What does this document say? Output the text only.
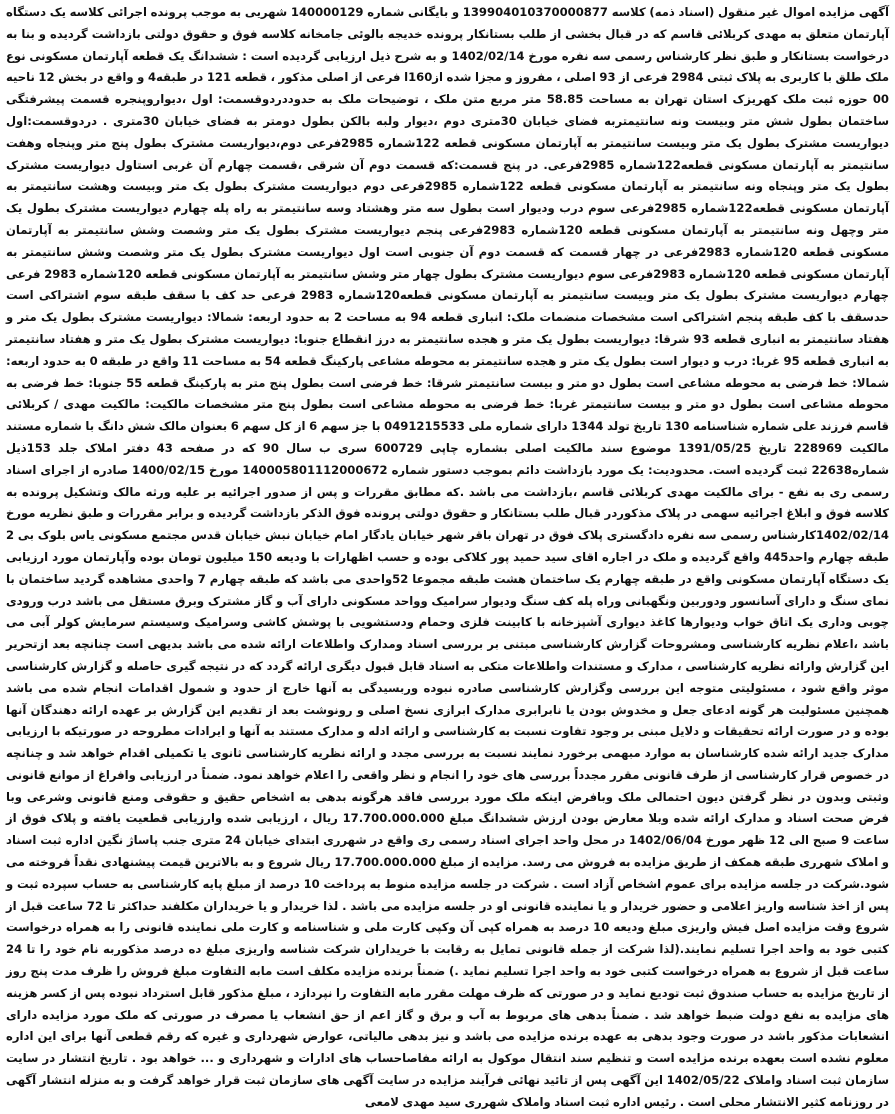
آگهی مزایده اموال غیر منقول (اسناد ذمه) کلاسه 139904010370000877 و بایگانی شماره 140000129 شهریی به موجب پرونده اجرائی کلاسه یک دستگاه آپارتمان متعلق به مهدی کربلائی قاسم که در قبال بخشی از طلب بستانکار پرونده خدیجه بالوئی جامخانه کلاسه فوق و حقوق دولتی بازداشت گردیده و بنا به درخواست بستانکار و طبق نظر کارشناس رسمی سه نفره مورخ 1402/02/14 و به شرح ذیل ارزیابی گردیده است : ششدانگ یک قطعه آپارتمان مسکونی نوع ملک طلق با کاربری به پلاک ثبتی 2984 فرعی از 93 اصلی ، مفروز و مجزا شده ازl160 فرعی از اصلی مذکور ، قطعه 121 در طبقه4 و واقع در بخش 12 ناحیه 00 حوزه ثبت ملک کهریزک استان تهران به مساحت 58.85 متر مربع متن ملک ، توضیحات ملک به حدوددردوقسمت: اول ،دیواروپنجره قسمت پیشرفتگی ساختمان بطول شش متر وبیست ونه سانتیمتربه فضای خیابان 30متری دوم ،دیوار ولبه بالکن بطول دومتر به فضای خیابان 30متری . دردوقسمت:اول دیواریست مشترک بطول یک متر وبیست سانتیمتر به آپارتمان مسکونی قطعه 122شماره 2985فرعی دوم،دیواریست مشترک بطول پنج متر وپنجاه وهفت سانتیمتر به آپارتمان مسکونی قطعه122شماره 2985فرعی. در پنج قسمت:که قسمت دوم آن شرقی ،قسمت چهارم آن غربی استاول دیواریست مشترک بطول یک متر وپنجاه ونه سانتیمتر به آپارتمان مسکونی قطعه 122شماره 2985فرعی دوم دیواریست مشترک بطول یک متر وبیست وهشت سانتیمتر به آپارتمان مسکونی قطعه122شماره 2985فرعی سوم درب ودیوار است بطول سه متر وهشتاد وسه سانتیمتر به راه پله چهارم دیواریست مشترک بطول یک متر وچهل ونه سانتیمتر به آپارتمان مسکونی قطعه 120شماره 2983فرعی پنجم دیواریست مشترک بطول یک متر وشصت وشش سانتیمتر به آپارتمان مسکونی قطعه 120شماره 2983فرعی در چهار قسمت که قسمت دوم آن جنوبی است اول دیواریست مشترک بطول یک متر وشصت وشش سانتیمتر به آپارتمان مسکونی قطعه 120شماره 2983فرعی سوم دیواریست مشترک بطول چهار متر وشش سانتیمتر به آپارتمان مسکونی قطعه 120شماره 2983 فرعی چهارم دیواریست مشترک بطول یک متر وبیست سانتیمتر به آپارتمان مسکونی قطعه120شماره 2983 فرعی حد کف با سقف طبقه سوم اشتراکی است حدسقف با کف طبقه پنجم اشتراکی است مشخصات منضمات ملک: انباری قطعه 94 به مساحت 2 به حدود اربعه: شمالا: دیواریست مشترک بطول یک متر و هفتاد سانتیمتر به انباری قطعه 93 شرقا: دیواریست بطول یک متر و هجده سانتیمتر به درز انقطاع جنوبا: دیواریست مشترک بطول یک متر و هفتاد سانتیمتر به انباری قطعه 95 غربا: درب و دیوار است بطول یک متر و هجده سانتیمتر به محوطه مشاعی پارکینگ قطعه 54 به مساحت 11 واقع در طبقه 0 به حدود اربعه: شمالا: خط فرضی به محوطه مشاعی است بطول دو متر و بیست سانتیمتر شرقا: خط فرضی است بطول پنج متر به پارکینگ قطعه 55 جنوبا: خط فرضی به محوطه مشاعی است بطول دو متر و بیست سانتیمتر غربا: خط فرضی به محوطه مشاعی است بطول پنج متر مشخصات مالکیت: مالکیت مهدی / کربلائی قاسم فرزند علی شماره شناسنامه 130 تاریخ تولد 1344 دارای شماره ملی 0491215533 با جز سهم 6 از کل سهم 6 بعنوان مالک شش دانگ با شماره مستند مالکیت 228969 تاریخ 1391/05/25 موضوع سند مالکیت اصلی بشماره چاپی 600729 سری ب سال 90 که در صفحه 43 دفتر املاک جلد 153ذیل شماره22638 ثبت گردیده است. محدودیت: یک مورد بازداشت دائم بموجب دستور شماره 140005801112000672 مورخ 1400/02/15 صادره از اجرای اسناد رسمی ری به نفع - برای مالکیت مهدی کربلائی قاسم ،بازداشت می باشد .که مطابق مقررات و پس از صدور اجرائیه بر علیه ورثه مالک وتشکیل پرونده به کلاسه فوق و ابلاغ اجرائیه سهمی در پلاک مذکوردر قبال طلب بستانکار و حقوق دولتی پرونده فوق الذکر بازداشت گردیده و برابر مقررات و طبق نظریه مورخ 1402/02/14کارشناس رسمی سه نفره دادگستری پلاک فوق در تهران باقر شهر خیابان یادگار امام خیابان نبش خیابان قدس مجتمع مسکونی یاس بلوک بی 2 طبقه چهارم واحد445 واقع گردیده و ملک در اجاره اقای سید حمید پور کلاکی بوده و حسب اظهارات با ودیعه 150 میلیون تومان بوده وآپارتمان مورد ارزیابی یک دستگاه آپارتمان مسکونی واقع در طبقه چهارم یک ساختمان هشت طبقه مجموعا 52واحدی می باشد که طبقه چهارم 7 واحدی مشاهده گردید ساختمان با نمای سنگ و دارای آسانسور ودوربین ونگهبانی وراه پله کف سنگ ودیوار سرامیک وواحد مسکونی دارای آب و گاز مشترک وبرق مستقل می باشد درب ورودی چوبی وداری یک اتاق خواب ودیوارها کاغذ دیواری آشپزخانه با کابینت فلزی وحمام ودستشویی با پوشش کاشی وسرامیک وسیستم سرمایش کولر آبی می باشد ،اعلام نظریه کارشناسی ومشروحات گزارش کارشناسی مبتنی بر بررسی اسناد ومدارک واطلاعات ارائه شده می باشد بدیهی است چنانچه بعد ازتحریر این گزارش وارائه نظریه کارشناسی ، مدارک و مستندات واطلاعات متکی به اسناد قابل قبول دیگری ارائه گردد که در نتیجه گیری حاصله و گزارش کارشناسی موثر واقع شود ، مسئولیتی متوجه این بررسی وگزارش کارشناسی صادره نبوده وربسیدگی به آنها خارج از حدود و شمول اقدامات انجام شده می باشد همچنین مسئولیت هر گونه ادعای جعل و مخدوش بودن یا نابرابری مدارک ابرازی نسخ اصلی و رونوشت بعد از تقدیم این گزارش بر عهده ارائه دهندگان آنها بوده و در صورت ارائه تحقیقات و دلایل مبنی بر وجود تفاوت نسبت به کارشناسی و ارائه ادله و مدارک مستند به آنها و ایرادات مطروحه در صورتیکه با ارزیابی مدارک جدید ارائه شده کارشناسان به موارد مبهمی برخورد نمایند نسبت به بررسی مجدد و ارائه نظریه کارشناسی ثانوی یا تکمیلی اقدام خواهد شد و چنانچه در خصوص قرار کارشناسی از طرف قانونی مقرر مجدداً بررسی های خود را انجام و نظر واقعی را اعلام خواهد نمود. ضمناً در ارزیابی وافراغ از موانع قانونی وثبتی وبدون در نظر گرفتن دیون احتمالی ملک وبافرض اینکه ملک مورد بررسی فاقد هرگونه بدهی به اشخاص حقیق و حقوقی ومنع قانونی وشرعی وبا فرض صحت اسناد و مدارک ارائه شده وبلا معارض بودن ارزش ششدانگ مبلغ 17.700.000.000 ریال ، ارزیابی شده وارزیابی قطعیت یافته و پلاک فوق از ساعت 9 صبح الی 12 ظهر مورخ 1402/06/04 در محل واحد اجرای اسناد رسمی ری واقع در شهرری ابتدای خیابان 24 متری جنب پاساژ نگین اداره ثبت اسناد و املاک شهرری طبقه همکف از طریق مزایده به فروش می رسد. مزایده از مبلغ 17.700.000.000 ریال شروع و به بالاترین قیمت پیشنهادی نقداً فروخته می شود.شرکت در جلسه مزایده برای عموم اشخاص آزاد است . شرکت در جلسه مزایده منوط به پرداخت 10 درصد از مبلغ پایه کارشناسی به حساب سپرده ثبت و پس از اخذ شناسه واریز اعلامی و حضور خریدار و یا نماینده قانونی او در جلسه مزایده می باشد . لذا خریدار و یا خریداران مکلفند حداکثر تا 72 ساعت قبل از شروع وقت مزایده اصل فیش واریزی مبلغ ودیعه 10 درصد به همراه کپی آن وکپی کارت ملی و شناسنامه و کارت ملی نماینده قانونی را به همراه درخواست کتبی خود به واحد اجرا تسلیم نمایند.(لذا شرکت از جمله قانونی تمایل به رقابت با خریداران شرکت شناسه واریزی مبلغ ده درصد مذکوربه نام خود را تا 24 ساعت قبل از شروع به همراه درخواست کتبی خود به واحد اجرا تسلیم نماید .) ضمناً برنده مزایده مکلف است مابه التفاوت مبلغ فروش را ظرف مدت پنج روز از تاریخ مزایده به حساب صندوق ثبت تودیع نماید و در صورتی که ظرف مهلت مقرر مابه التفاوت را نپردازد ، مبلغ مذکور قابل استرداد نبوده پس از کسر هزینه های مزایده به نفع دولت ضبط خواهد شد . ضمناً بدهی های مربوط به آب و برق و گاز اعم از حق انشعاب یا مصرف در صورتی که ملک مورد مزایده دارای انشعابات مذکور باشد در صورت وجود بدهی به عهده برنده مزایده می باشد و نیز بدهی مالیاتی، عوارض شهرداری و غیره که رقم قطعی آنها برای این اداره معلوم نشده است بعهده برنده مزایده است و تنظیم سند انتقال موکول به ارائه مفاصاحساب های ادارات و شهرداری و ... خواهد بود . تاریخ انتشار در سایت سازمان ثبت اسناد واملاک 1402/05/22 این آگهی پس از تائید نهائی فرآیند مزایده در سایت آگهی های سازمان ثبت قرار خواهد گرفت و به منزله انتشار آگهی در روزنامه کثیر الانتشار محلی است . رئیس اداره ثبت اسناد واملاک شهرری سید مهدی لامعی
